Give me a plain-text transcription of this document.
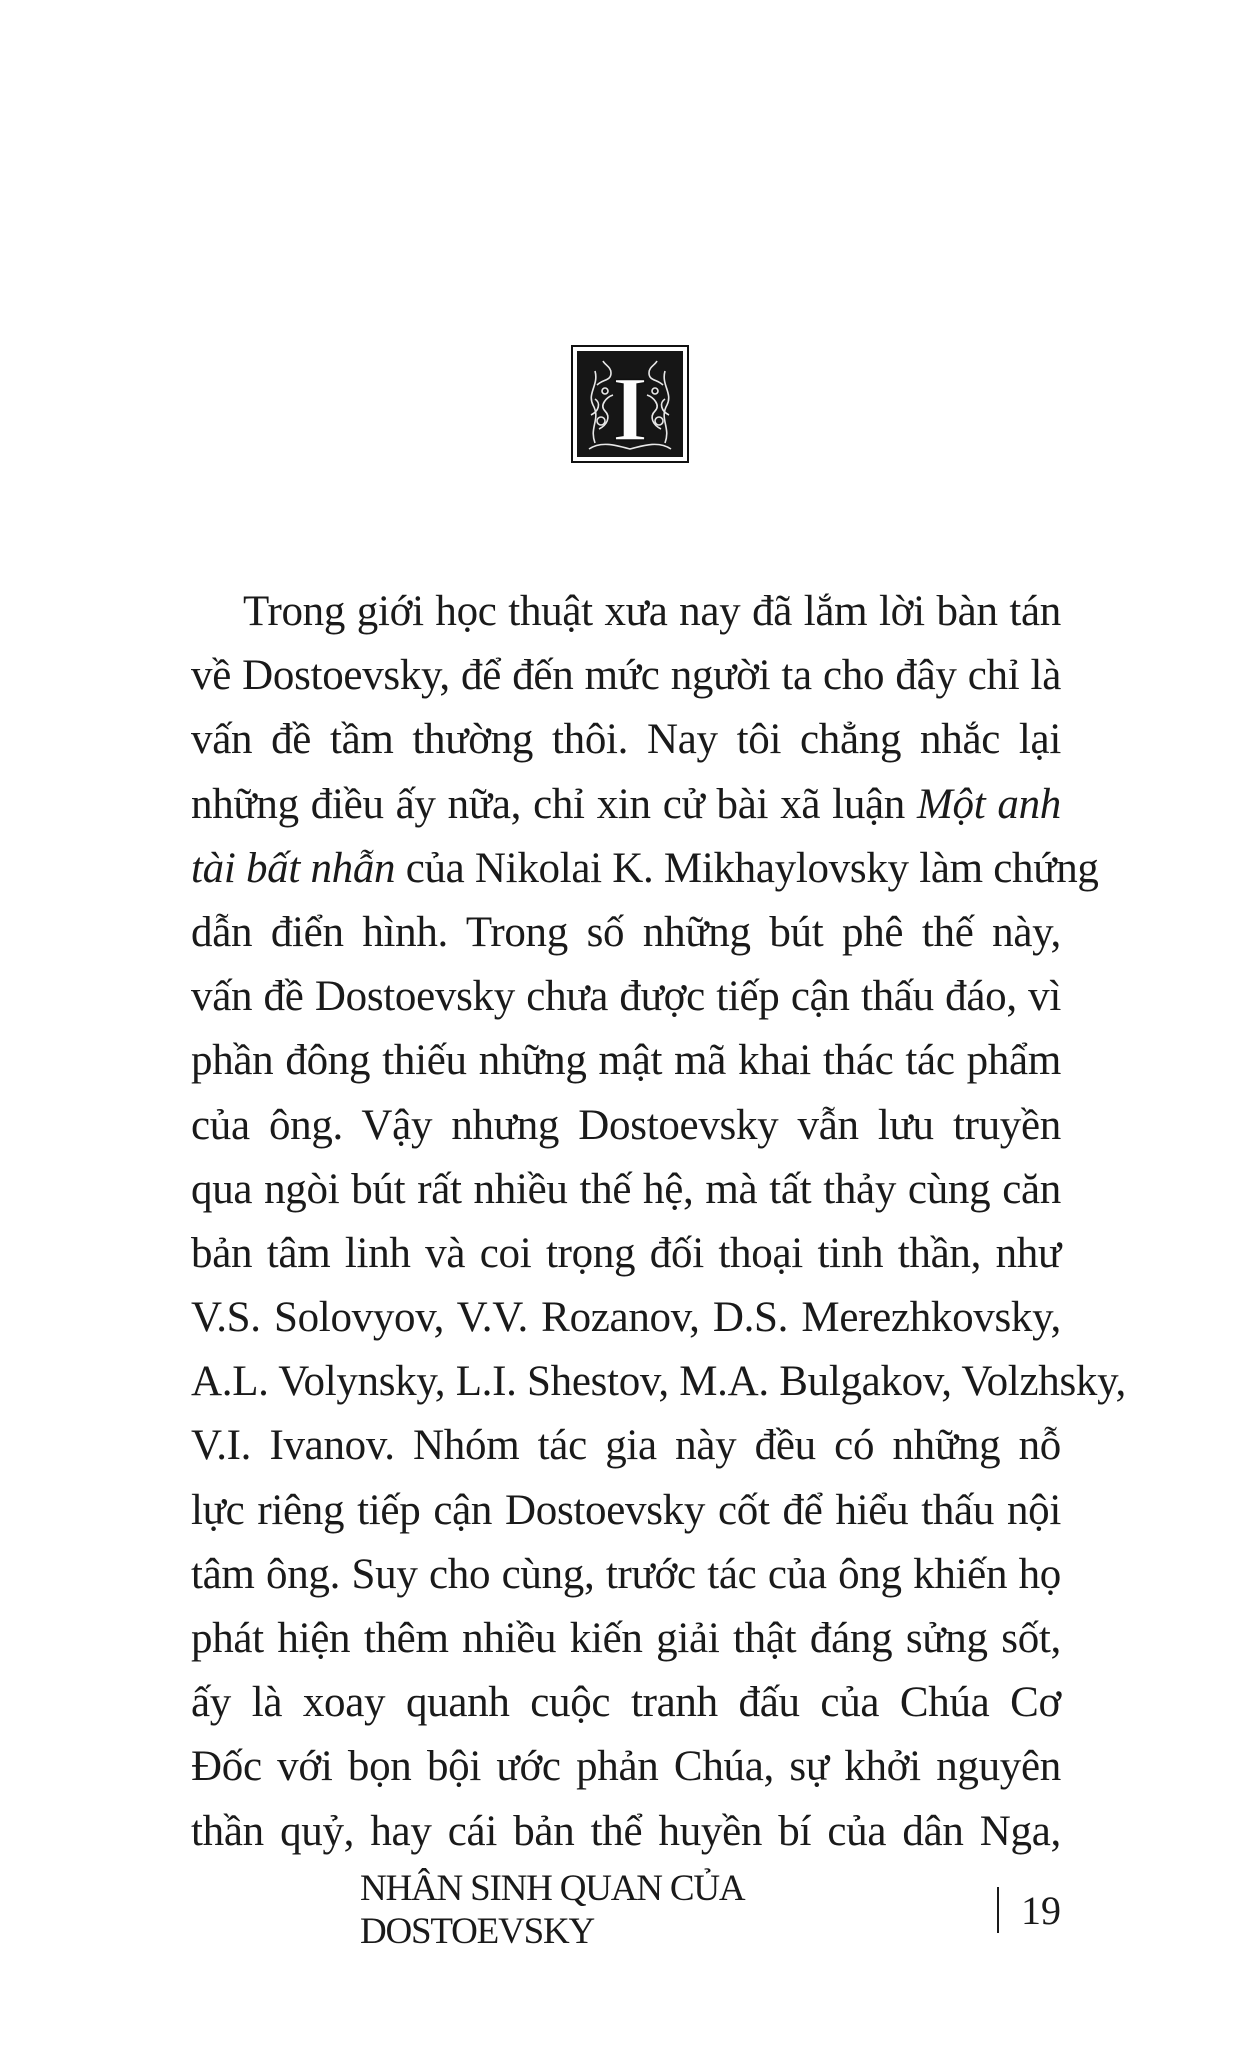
I
Trong giới học thuật xưa nay đã lắm lời bàn tán
về Dostoevsky, để đến mức người ta cho đây chỉ là
vấn đề tầm thường thôi. Nay tôi chẳng nhắc lại
những điều ấy nữa, chỉ xin cử bài xã luận Một anh
tài bất nhẫn của Nikolai K. Mikhaylovsky làm chứng
dẫn điển hình. Trong số những bút phê thế này,
vấn đề Dostoevsky chưa được tiếp cận thấu đáo, vì
phần đông thiếu những mật mã khai thác tác phẩm
của ông. Vậy nhưng Dostoevsky vẫn lưu truyền
qua ngòi bút rất nhiều thế hệ, mà tất thảy cùng căn
bản tâm linh và coi trọng đối thoại tinh thần, như
V.S. Solovyov, V.V. Rozanov, D.S. Merezhkovsky,
A.L. Volynsky, L.I. Shestov, M.A. Bulgakov, Volzhsky,
V.I. Ivanov. Nhóm tác gia này đều có những nỗ
lực riêng tiếp cận Dostoevsky cốt để hiểu thấu nội
tâm ông. Suy cho cùng, trước tác của ông khiến họ
phát hiện thêm nhiều kiến giải thật đáng sửng sốt,
ấy là xoay quanh cuộc tranh đấu của Chúa Cơ
Đốc với bọn bội ước phản Chúa, sự khởi nguyên
thần quỷ, hay cái bản thể huyền bí của dân Nga,
NHÂN SINH QUAN CỦA DOSTOEVSKY	19
